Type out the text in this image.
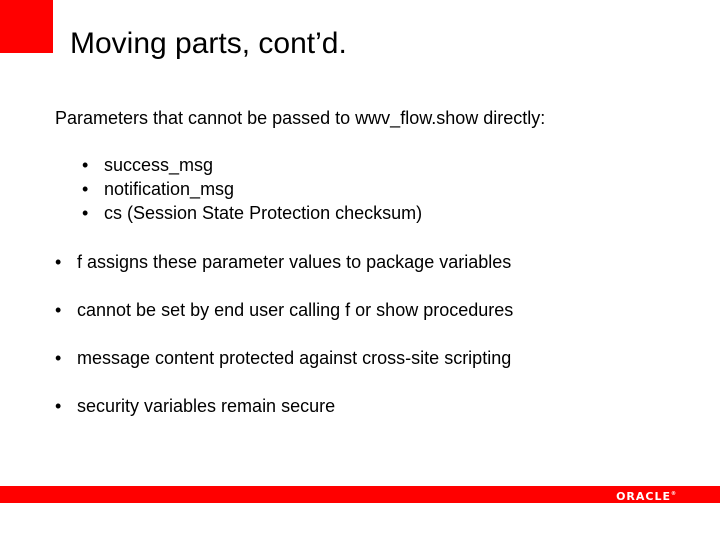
Moving parts, cont’d.
Parameters that cannot be passed to wwv_flow.show directly:
• success_msg
• notification_msg
• cs (Session State Protection checksum)
• f assigns these parameter values to package variables
• cannot be set by end user calling f or show procedures
• message content protected against cross-site scripting
• security variables remain secure
ORACLE®
